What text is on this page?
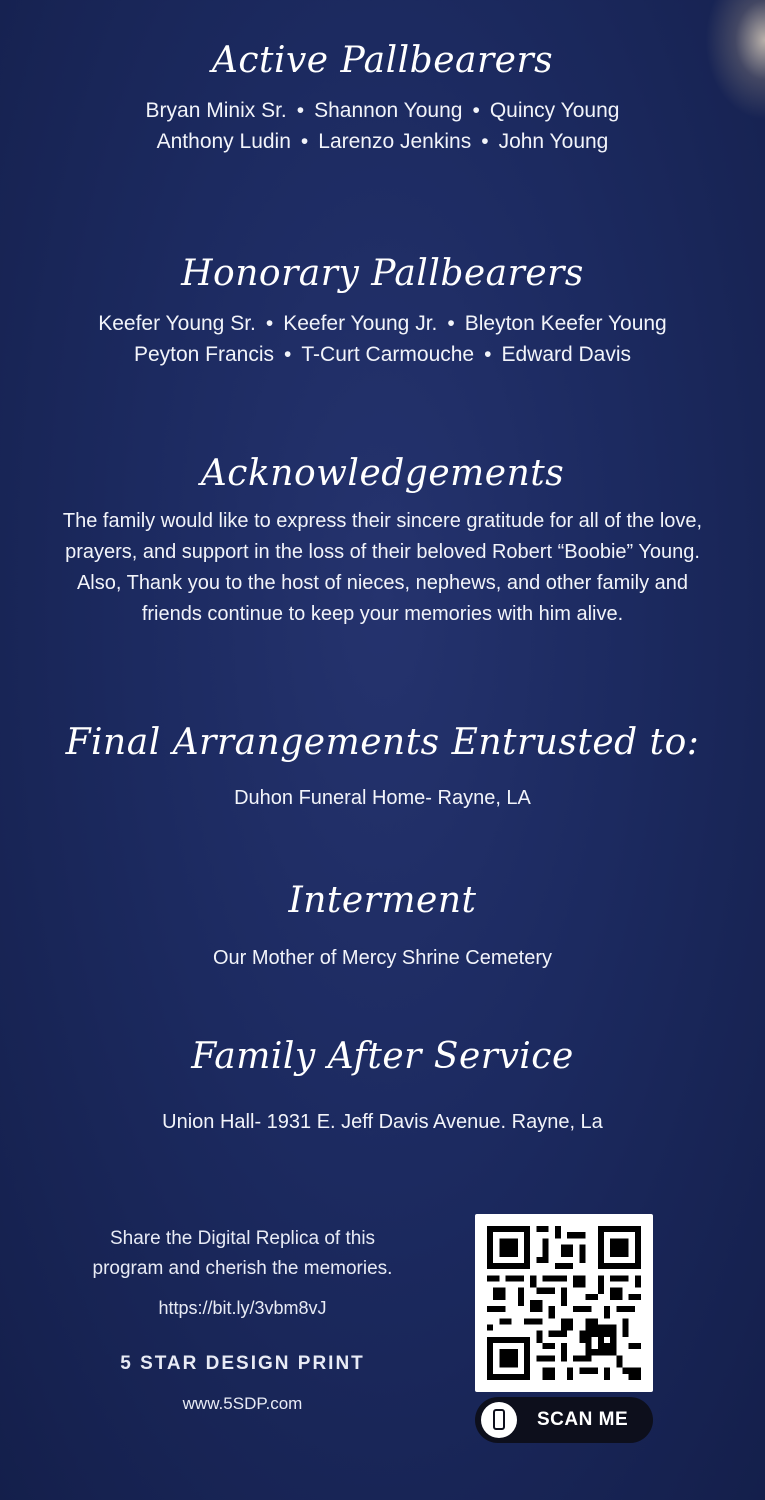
Active Pallbearers
Bryan Minix Sr. • Shannon Young • Quincy Young
Anthony Ludin • Larenzo Jenkins • John Young
Honorary Pallbearers
Keefer Young Sr. • Keefer Young Jr. • Bleyton Keefer Young
Peyton Francis • T-Curt Carmouche • Edward Davis
Acknowledgements
The family would like to express their sincere gratitude for all of the love,
prayers, and support in the loss of their beloved Robert “Boobie” Young.
Also, Thank you to the host of nieces, nephews, and other family and
friends continue to keep your memories with him alive.
Final Arrangements Entrusted to:
Duhon Funeral Home- Rayne, LA
Interment
Our Mother of Mercy Shrine Cemetery
Family After Service
Union Hall- 1931 E. Jeff Davis Avenue. Rayne, La
Share the Digital Replica of this
program and cherish the memories.
https://bit.ly/3vbm8vJ
5 STAR DESIGN PRINT
www.5SDP.com
SCAN ME
